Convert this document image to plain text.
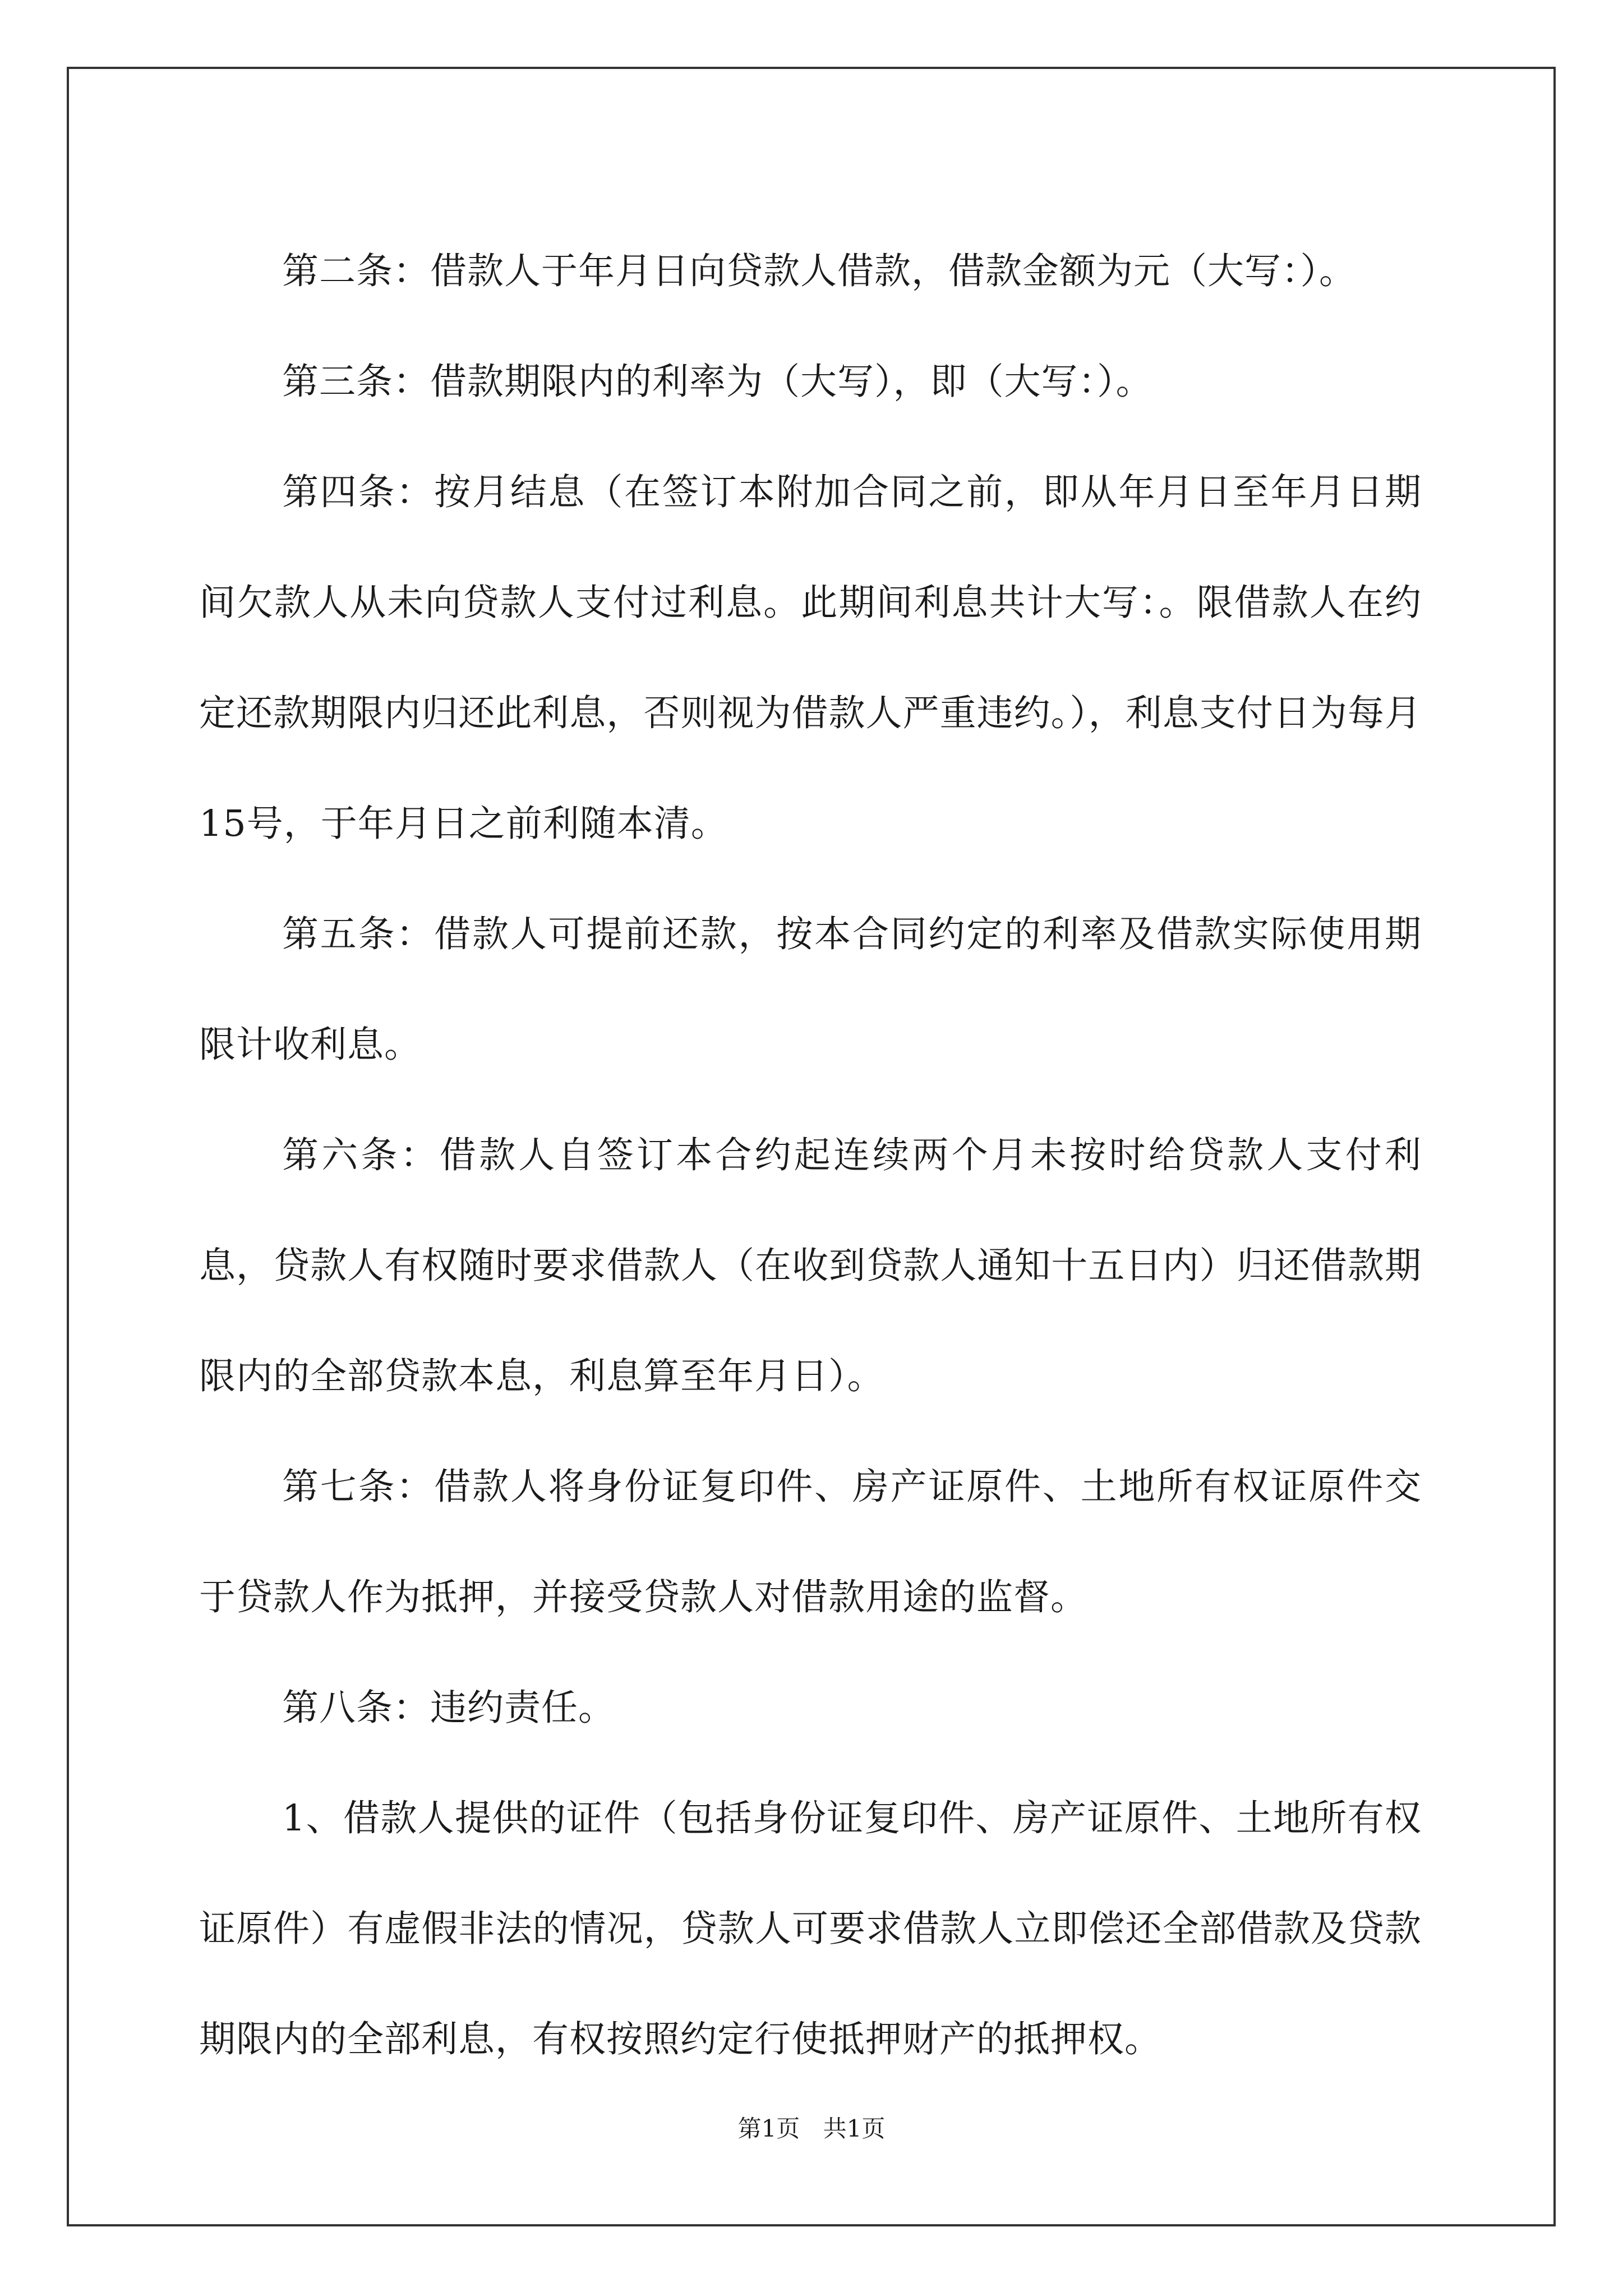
第二条：借款人于年月日向贷款人借款，借款金额为元（大写：）。

第三条：借款期限内的利率为（大写），即（大写：）。

第四条：按月结息（在签订本附加合同之前，即从年月日至年月日期间欠款人从未向贷款人支付过利息。此期间利息共计大写：。限借款人在约定还款期限内归还此利息，否则视为借款人严重违约。），利息支付日为每月15号，于年月日之前利随本清。

第五条：借款人可提前还款，按本合同约定的利率及借款实际使用期限计收利息。

第六条：借款人自签订本合约起连续两个月未按时给贷款人支付利息，贷款人有权随时要求借款人（在收到贷款人通知十五日内）归还借款期限内的全部贷款本息，利息算至年月日）。

第七条：借款人将身份证复印件、房产证原件、土地所有权证原件交于贷款人作为抵押，并接受贷款人对借款用途的监督。

第八条：违约责任。

1、借款人提供的证件（包括身份证复印件、房产证原件、土地所有权证原件）有虚假非法的情况，贷款人可要求借款人立即偿还全部借款及贷款期限内的全部利息，有权按照约定行使抵押财产的抵押权。

第1页 共1页
